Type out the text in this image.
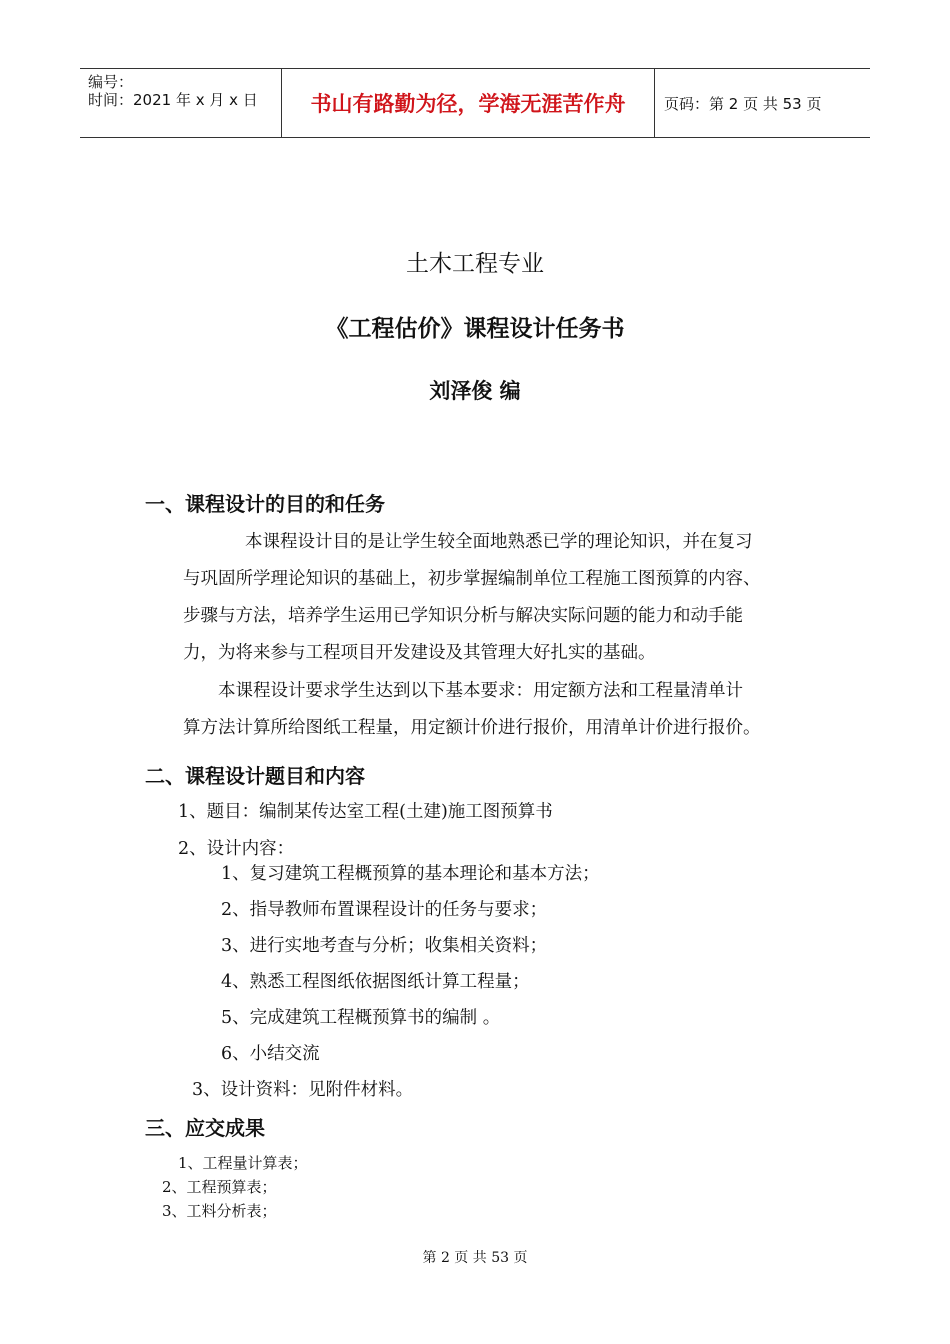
编号：
时间：2021 年 x 月 x 日	书山有路勤为径，学海无涯苦作舟	页码：第 2 页 共 53 页
土木工程专业
《工程估价》课程设计任务书
刘泽俊 编
一、课程设计的目的和任务
本课程设计目的是让学生较全面地熟悉已学的理论知识，并在复习
与巩固所学理论知识的基础上，初步掌握编制单位工程施工图预算的内容、
步骤与方法，培养学生运用已学知识分析与解决实际问题的能力和动手能
力，为将来参与工程项目开发建设及其管理大好扎实的基础。
本课程设计要求学生达到以下基本要求：用定额方法和工程量清单计
算方法计算所给图纸工程量，用定额计价进行报价，用清单计价进行报价。
二、课程设计题目和内容
1、题目：编制某传达室工程(土建)施工图预算书
2、设计内容：
1、复习建筑工程概预算的基本理论和基本方法；
2、指导教师布置课程设计的任务与要求；
3、进行实地考查与分析；收集相关资料；
4、熟悉工程图纸依据图纸计算工程量；
5、完成建筑工程概预算书的编制 。
6、小结交流
3、设计资料：见附件材料。
三、应交成果
1、工程量计算表；
2、工程预算表；
3、工料分析表；
第 2 页 共 53 页
